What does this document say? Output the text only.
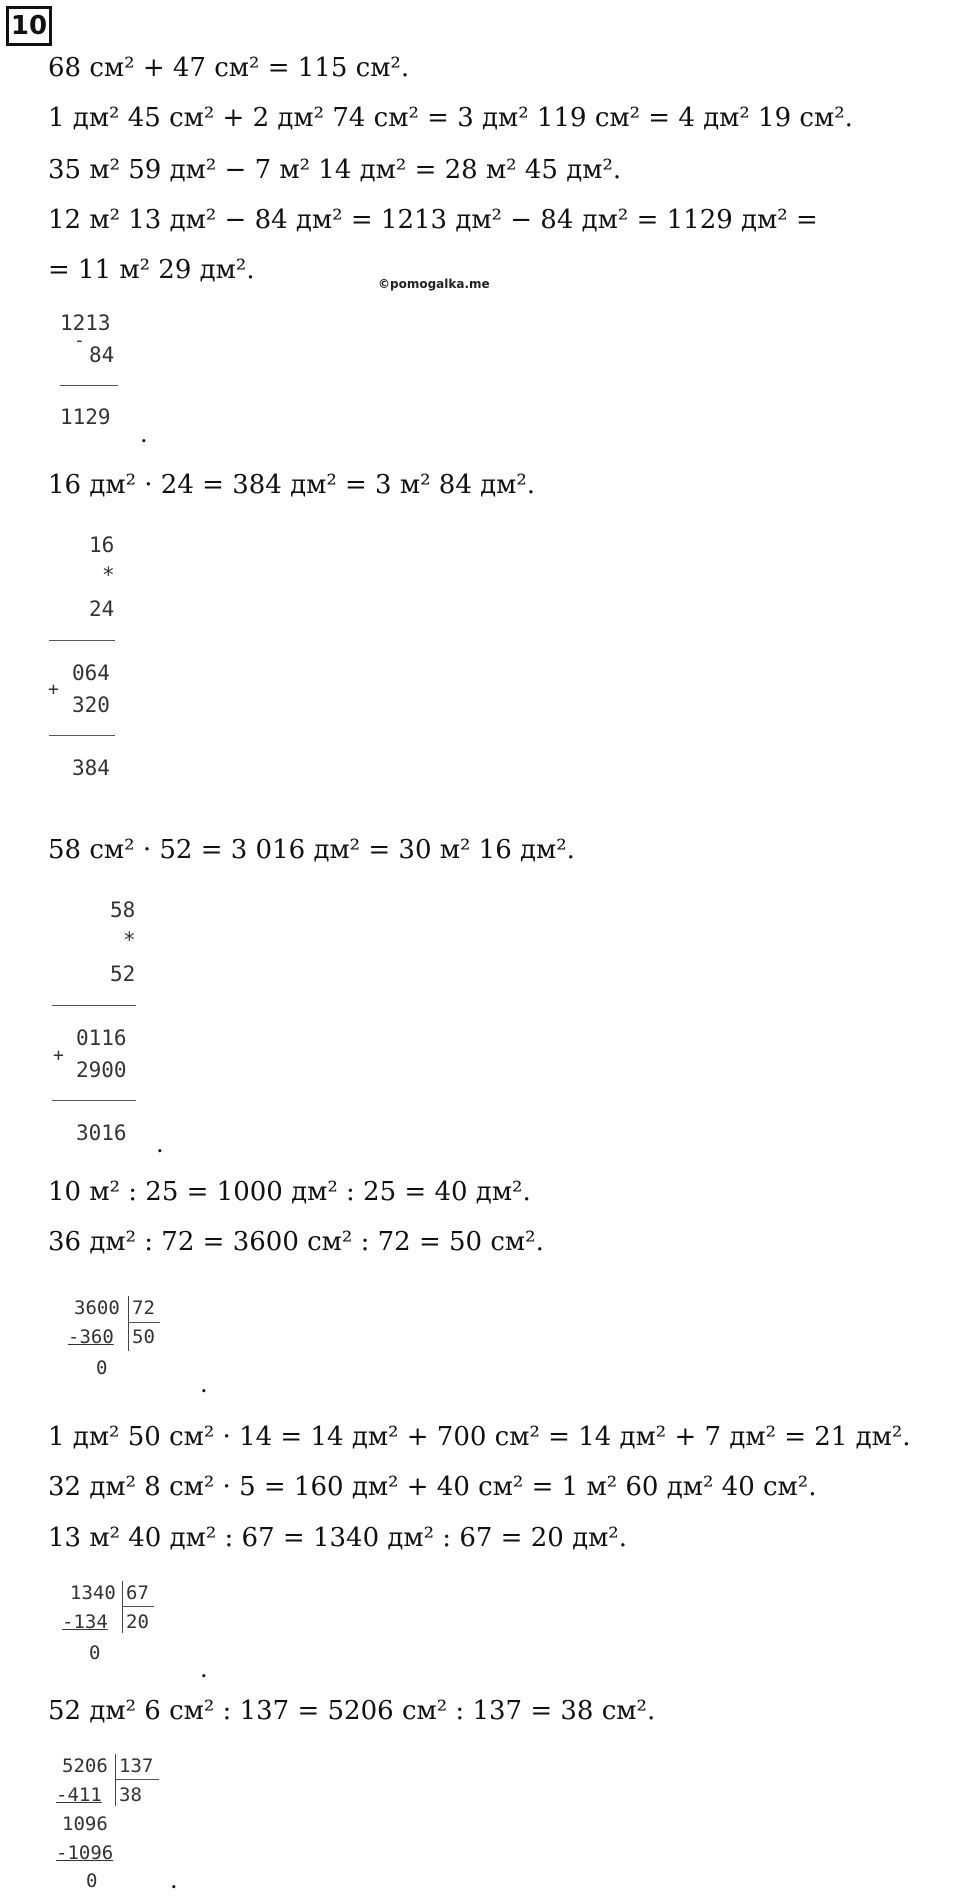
10
68 см² + 47 см² = 115 см².
1 дм² 45 см² + 2 дм² 74 см² = 3 дм² 119 см² = 4 дм² 19 см².
35 м² 59 дм² − 7 м² 14 дм² = 28 м² 45 дм².
12 м² 13 дм² − 84 дм² = 1213 дм² − 84 дм² = 1129 дм² =
= 11 м² 29 дм².	©pomogalka.me
1213
-
84
1129
.
16 дм² · 24 = 384 дм² = 3 м² 84 дм².
16
*
24
+
064
320
384
58 см² · 52 = 3 016 дм² = 30 м² 16 дм².
58
*
52
+
0116
2900
3016 .
10 м² : 25 = 1000 дм² : 25 = 40 дм².
36 дм² : 72 = 3600 см² : 72 = 50 см².
3600 72
-360 50
0
.
1 дм² 50 см² · 14 = 14 дм² + 700 см² = 14 дм² + 7 дм² = 21 дм².
32 дм² 8 см² · 5 = 160 дм² + 40 см² = 1 м² 60 дм² 40 см².
13 м² 40 дм² : 67 = 1340 дм² : 67 = 20 дм².
1340 67
-134 20
0
.
52 дм² 6 см² : 137 = 5206 см² : 137 = 38 см².
5206 137
-411 38
1096
-1096
0	.
